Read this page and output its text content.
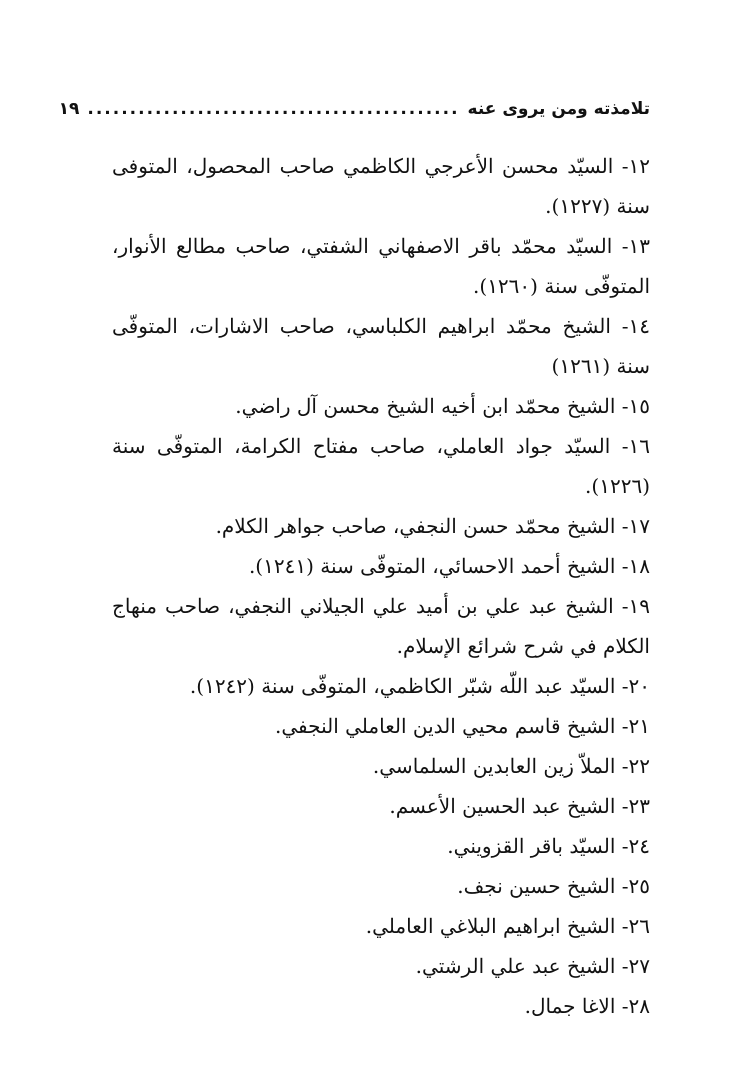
تلامذته ومن يروى عنه
............................................
١٩

١٢- السيّد محسن الأعرجي الكاظمي صاحب المحصول، المتوفى سنة (١٢٢٧).

١٣- السيّد محمّد باقر الاصفهاني الشفتي، صاحب مطالع الأنوار، المتوفّى سنة (١٢٦٠).

١٤- الشيخ محمّد ابراهيم الكلباسي، صاحب الاشارات، المتوفّى سنة (١٢٦١)

١٥- الشيخ محمّد ابن أخيه الشيخ محسن آل راضي.

١٦- السيّد جواد العاملي، صاحب مفتاح الكرامة، المتوفّى سنة (١٢٢٦).

١٧- الشيخ محمّد حسن النجفي، صاحب جواهر الكلام.

١٨- الشيخ أحمد الاحسائي، المتوفّى سنة (١٢٤١).

١٩- الشيخ عبد علي بن أميد علي الجيلاني النجفي، صاحب منهاج الكلام في شرح شرائع الإسلام.

٢٠- السيّد عبد اللّه شبّر الكاظمي، المتوفّى سنة (١٢٤٢).

٢١- الشيخ قاسم محيي الدين العاملي النجفي.

٢٢- الملاّ زين العابدين السلماسي.

٢٣- الشيخ عبد الحسين الأعسم.

٢٤- السيّد باقر القزويني.

٢٥- الشيخ حسين نجف.

٢٦- الشيخ ابراهيم البلاغي العاملي.

٢٧- الشيخ عبد علي الرشتي.

٢٨- الاغا جمال.
